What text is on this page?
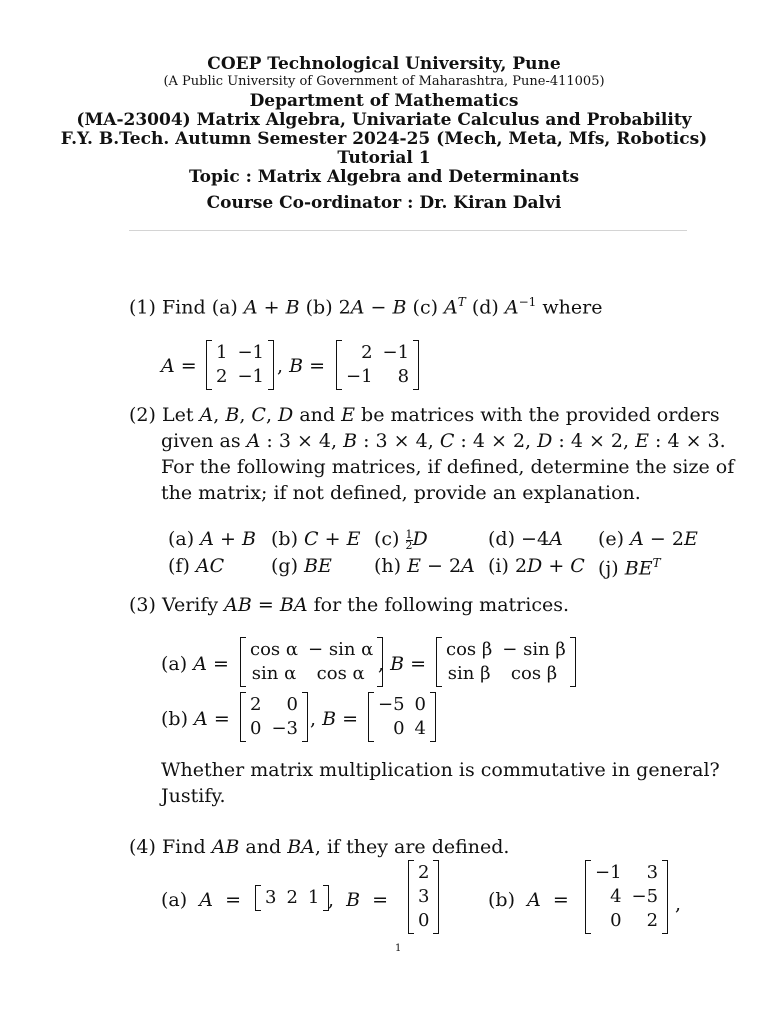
COEP Technological University, Pune
(A Public University of Government of Maharashtra, Pune-411005)
Department of Mathematics
(MA-23004) Matrix Algebra, Univariate Calculus and Probability
F.Y. B.Tech. Autumn Semester 2024-25 (Mech, Meta, Mfs, Robotics)
Tutorial 1
Topic : Matrix Algebra and Determinants
Course Co-ordinator : Dr. Kiran Dalvi
(1) Find (a) A + B (b) 2A − B (c) $A^T$ (d) $A^{-1}$ where
A =
1	−1
2	−1 , B =
2	−1
−1	8
(2) Let A, B, C, D and E be matrices with the provided orders
given as A : 3 × 4, B : 3 × 4, C : 4 × 2, D : 4 × 2, E : 4 × 3.
For the following matrices, if defined, determine the size of
the matrix; if not defined, provide an explanation.
(a) A + B (b) C + E $(c) \frac{1}{2}$ D	(d) −4A (e) A − 2E
(f) AC (g) BE (h) E − 2A (i) 2D + C (j) $BE^T$
(3) Verify AB = BA for the following matrices.
(a) A =
cos α	− sin α
sin α	cos α , B =
cos β	− sin β
sin β	cos β
(b) A =
2	0
0	−3 , B =
−5	0
0	4
Whether matrix multiplication is commutative in general?
Justify.
(4) Find AB and BA, if they are defined.
(a) A  = 3	2	1 ,  B  =
2
3
0
(b) A  =
−1	3
4	−5
0	2
,
1
